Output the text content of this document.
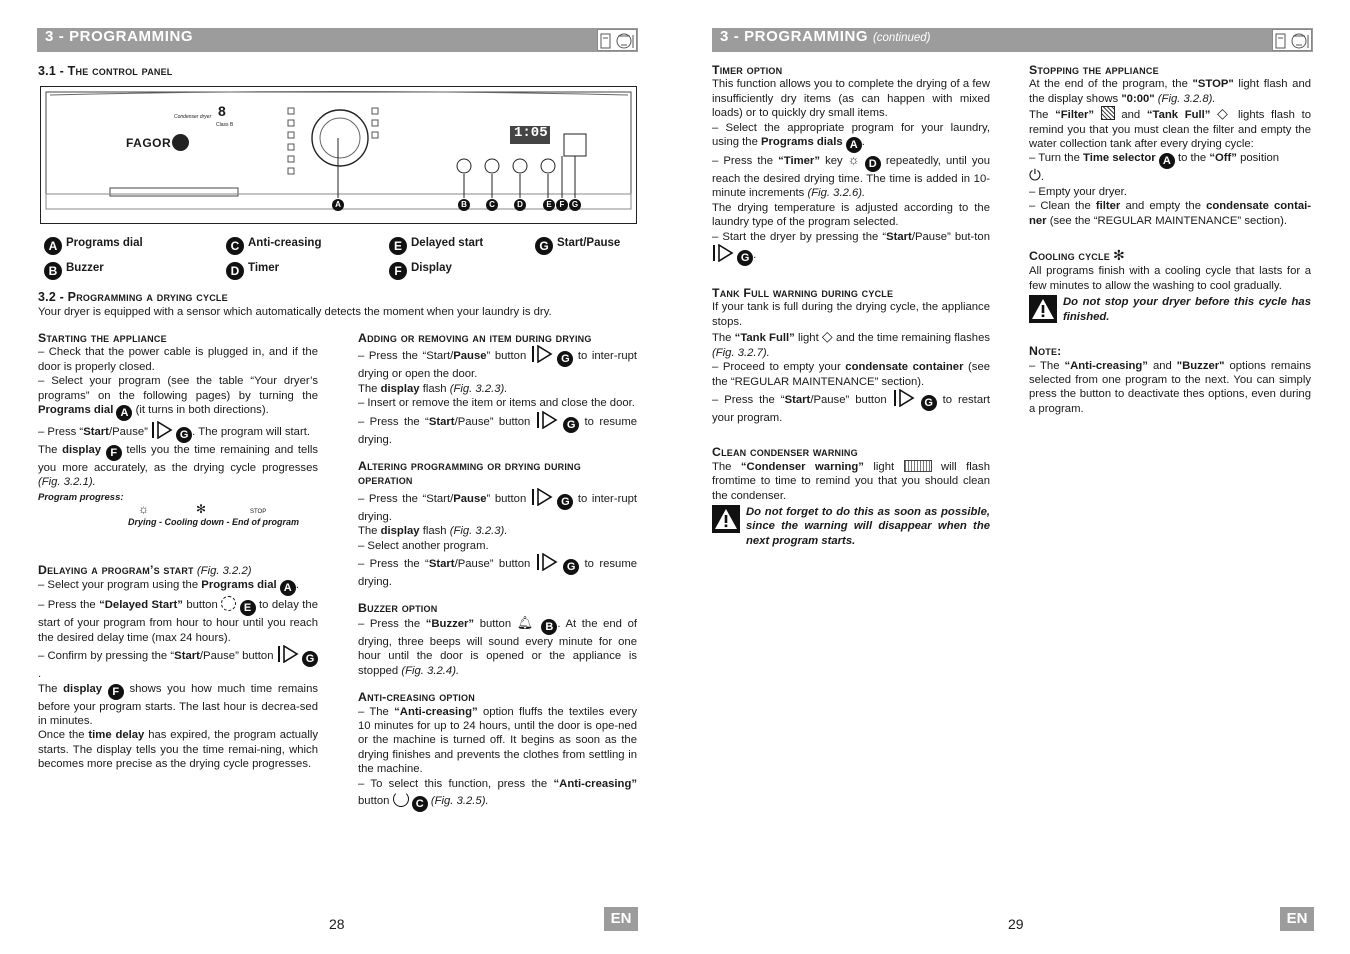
3 - PROGRAMMING
3.1 - The control panel
FAGOR
Condenser dryer 8
Class B	1:05
A	B	C	D	E F G
A Programs dial
B Buzzer
C Anti-creasing
D Timer
E Delayed start
F Display
G Start/Pause
3.2 - Programming a drying cycle
Your dryer is equipped with a sensor which automatically detects the moment when your laundry is dry.
Starting the appliance

– Check that the power cable is plugged in, and if the door is properly closed.

– Select your program (see the table “Your dryer’s programs” on the following pages) by turning the Programs dial A (it turns in both directions).

– Press “Start/Pause”	G . The program will start.

The display F tells you the time remaining and tells you more accurately, as the drying cycle progresses (Fig. 3.2.1).

Program progress:
☼	✻	STOP
Drying - Cooling down - End of program
Delaying a program’s start (Fig. 3.2.2)

– Select your program using the Programs dial A .

– Press the “Delayed Start” button E to delay the start of your program from hour to hour until you reach the desired delay time (max 24 hours).

– Confirm by pressing the “Start/Pause” button	G.

The display F shows you how much time remains before your program starts. The last hour is decrea-sed in minutes.

Once the time delay has expired, the program actually starts. The display tells you the time remai-ning, which becomes more precise as the drying cycle progresses.

Adding or removing an item during drying

– Press the “Start/Pause” button	G to inter-rupt drying or open the door.

The display flash (Fig. 3.2.3).

– Insert or remove the item or items and close the door.

– Press the “Start/Pause” button	G to resume drying.

Altering programming or drying during operation

– Press the “Start/Pause” button	G to inter-rupt drying.

The display flash (Fig. 3.2.3).

– Select another program.

– Press the “Start/Pause” button	G to resume drying.

Buzzer option

– Press the “Buzzer” button 🔔︎ B . At the end of drying, three beeps will sound every minute for one hour until the door is opened or the appliance is stopped (Fig. 3.2.4).

Anti-creasing option

– The “Anti-creasing” option fluffs the textiles every 10 minutes for up to 24 hours, until the door is ope-ned or the machine is turned off. It begins as soon as the drying finishes and prevents the clothes from settling in the machine.

– To select this function, press the “Anti-creasing” button C (Fig. 3.2.5).

28	EN
3 - PROGRAMMING (continued)
Timer option

This function allows you to complete the drying of a few insufficiently dry items (as can happen with mixed loads) or to quickly dry small items.

– Select the appropriate program for your laundry, using the Programs dials A .

– Press the “Timer” key ☼ D repeatedly, until you reach the desired drying time. The time is added in 10-minute increments (Fig. 3.2.6).

The drying temperature is adjusted according to the laundry type of the program selected.

– Start the dryer by pressing the “Start/Pause” but-ton  G .

Tank Full warning during cycle

If your tank is full during the drying cycle, the appliance stops.

The “Tank Full” light ◇ and the time remaining flashes (Fig. 3.2.7).

– Proceed to empty your condensate container (see the “REGULAR MAINTENANCE” section).

– Press the “Start/Pause” button	G to restart your program.

Clean condenser warning

The “Condenser warning” light	will flash fromtime to time to remind you that you should clean the condenser.

Do not forget to do this as soon as possible, since the warning will disappear when the next program starts.

Stopping the appliance

At the end of the program, the "STOP" light flash and the display shows "0:00" (Fig. 3.2.8).

The “Filter” and “Tank Full” ◇ lights flash to remind you that you must clean the filter and empty the water collection tank after every drying cycle:

– Turn the Time selector A to the “Off” position
⏻.

– Empty your dryer.

– Clean the filter and empty the condensate contai-ner (see the “REGULAR MAINTENANCE” section).

Cooling cycle ✻

All programs finish with a cooling cycle that lasts for a few minutes to allow the washing to cool gradually.

Do not stop your dryer before this cycle has finished.

Note:

– The “Anti-creasing” and "Buzzer" options remains selected from one program to the next. You can simply press the button to deactivate thes options, even during a program.

29	EN
